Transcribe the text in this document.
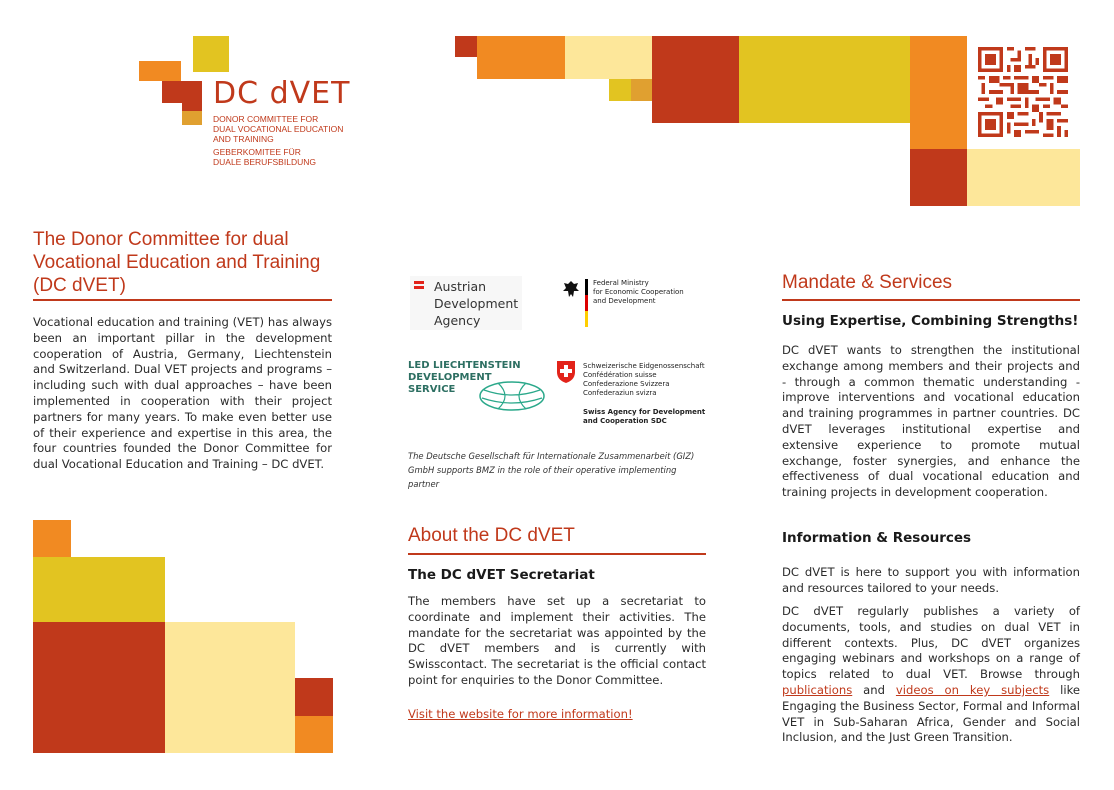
DC dVET
DONOR COMMITTEE FOR
DUAL VOCATIONAL EDUCATION
AND TRAINING
GEBERKOMITEE FÜR
DUALE BERUFSBILDUNG
The Donor Committee for dual Vocational Education and Training (DC dVET)
Vocational education and training (VET) has always been an important pillar in the development cooperation of Austria, Germany, Liechtenstein and Switzerland. Dual VET projects and programs – including such with dual approaches – have been implemented in cooperation with their project partners for many years. To make even better use of their experience and expertise in this area, the four countries founded the Donor Committee for dual Vocational Education and Training – DC dVET.
Austrian
Development
Agency
Federal Ministry
for Economic Cooperation
and Development
LED LIECHTENSTEIN
DEVELOPMENT
SERVICE
Schweizerische Eidgenossenschaft
Confédération suisse
Confederazione Svizzera
Confederaziun svizra
Swiss Agency for Development
and Cooperation SDC
The Deutsche Gesellschaft für Internationale Zusammenarbeit (GIZ) GmbH supports BMZ in the role of their operative implementing partner
About the DC dVET
The DC dVET Secretariat
The members have set up a secretariat to coordinate and implement their activities. The mandate for the secretariat was appointed by the DC dVET members and is currently with Swisscontact. The secretariat is the official contact point for enquiries to the Donor Committee.
Visit the website for more information!
Mandate & Services
Using Expertise, Combining Strengths!
DC dVET wants to strengthen the institutional exchange among members and their projects and - through a common thematic understanding - improve interventions and vocational education and training programmes in partner countries. DC dVET leverages institutional expertise and extensive experience to promote mutual exchange, foster synergies, and enhance the effectiveness of dual vocational education and training projects in development cooperation.
Information & Resources
DC dVET is here to support you with information and resources tailored to your needs.
DC dVET regularly publishes a variety of documents, tools, and studies on dual VET in different contexts. Plus, DC dVET organizes engaging webinars and workshops on a range of topics related to dual VET. Browse through publications and videos on key subjects like Engaging the Business Sector, Formal and Informal VET in Sub-Saharan Africa, Gender and Social Inclusion, and the Just Green Transition.
